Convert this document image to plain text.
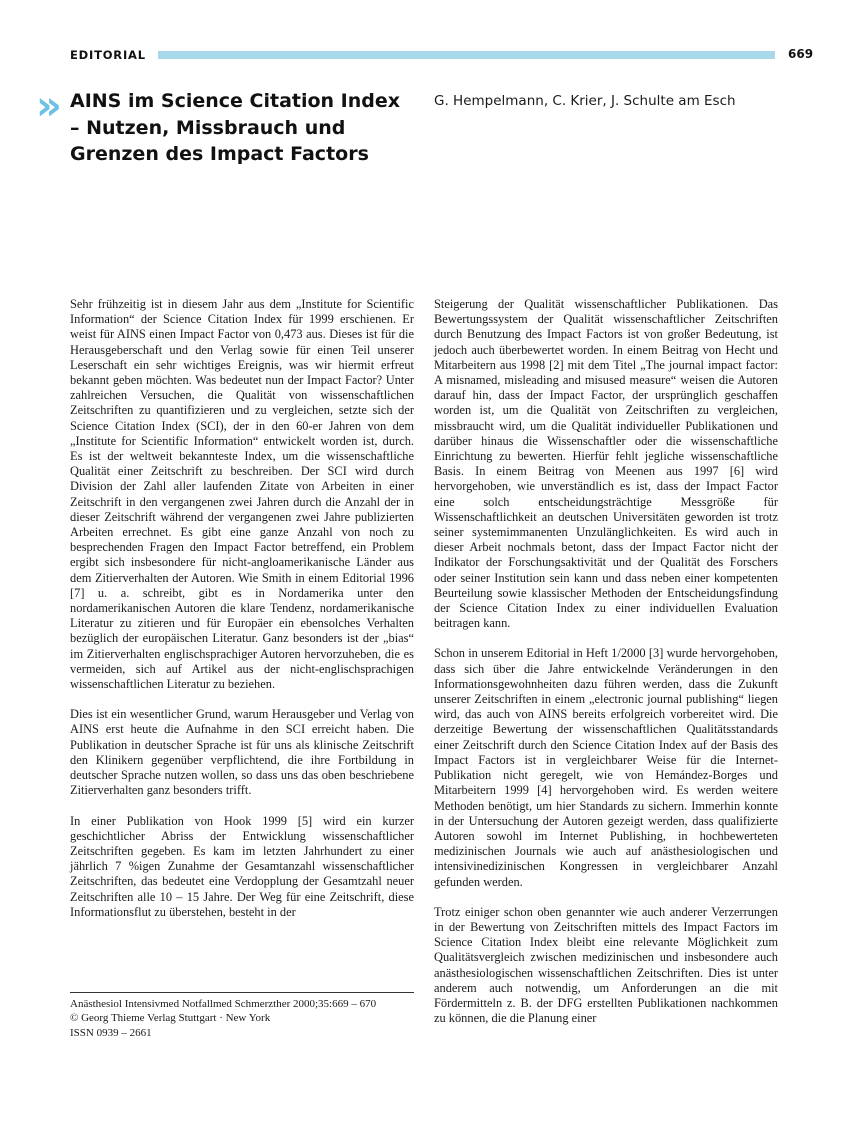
EDITORIAL	669
» AINS im Science Citation Index – Nutzen, Missbrauch und Grenzen des Impact Factors
G. Hempelmann, C. Krier, J. Schulte am Esch

Sehr frühzeitig ist in diesem Jahr aus dem „Institute for Scientific Information“ der Science Citation Index für 1999 erschienen. Er weist für AINS einen Impact Factor von 0,473 aus. Dieses ist für die Herausgeberschaft und den Verlag sowie für einen Teil unserer Leserschaft ein sehr wichtiges Ereignis, was wir hiermit erfreut bekannt geben möchten. Was bedeutet nun der Impact Factor? Unter zahlreichen Versuchen, die Qualität von wissenschaftlichen Zeitschriften zu quantifizieren und zu vergleichen, setzte sich der Science Citation Index (SCI), der in den 60-er Jahren von dem „Institute for Scientific Information“ entwickelt worden ist, durch. Es ist der weltweit bekannteste Index, um die wissenschaftliche Qualität einer Zeitschrift zu beschreiben. Der SCI wird durch Division der Zahl aller laufenden Zitate von Arbeiten in einer Zeitschrift in den vergangenen zwei Jahren durch die Anzahl der in dieser Zeitschrift während der vergangenen zwei Jahre publizierten Arbeiten errechnet. Es gibt eine ganze Anzahl von noch zu besprechenden Fragen den Impact Factor betreffend, ein Problem ergibt sich insbesondere für nicht-angloamerikanische Länder aus dem Zitierverhalten der Autoren. Wie Smith in einem Editorial 1996 [7] u. a. schreibt, gibt es in Nordamerika unter den nordamerikanischen Autoren die klare Tendenz, nordamerikanische Literatur zu zitieren und für Europäer ein ebensolches Verhalten bezüglich der europäischen Literatur. Ganz besonders ist der „bias“ im Zitierverhalten englischsprachiger Autoren hervorzuheben, die es vermeiden, sich auf Artikel aus der nicht-englischsprachigen wissenschaftlichen Literatur zu beziehen.

Dies ist ein wesentlicher Grund, warum Herausgeber und Verlag von AINS erst heute die Aufnahme in den SCI erreicht haben. Die Publikation in deutscher Sprache ist für uns als klinische Zeitschrift den Klinikern gegenüber verpflichtend, die ihre Fortbildung in deutscher Sprache nutzen wollen, so dass uns das oben beschriebene Zitierverhalten ganz besonders trifft.

In einer Publikation von Hook 1999 [5] wird ein kurzer geschichtlicher Abriss der Entwicklung wissenschaftlicher Zeitschriften gegeben. Es kam im letzten Jahrhundert zu einer jährlich 7 %igen Zunahme der Gesamtanzahl wissenschaftlicher Zeitschriften, das bedeutet eine Verdopplung der Gesamtzahl neuer Zeitschriften alle 10 – 15 Jahre. Der Weg für eine Zeitschrift, diese Informationsflut zu überstehen, besteht in der

Steigerung der Qualität wissenschaftlicher Publikationen. Das Bewertungssystem der Qualität wissenschaftlicher Zeitschriften durch Benutzung des Impact Factors ist von großer Bedeutung, ist jedoch auch überbewertet worden. In einem Beitrag von Hecht und Mitarbeitern aus 1998 [2] mit dem Titel „The journal impact factor: A misnamed, misleading and misused measure“ weisen die Autoren darauf hin, dass der Impact Factor, der ursprünglich geschaffen worden ist, um die Qualität von Zeitschriften zu vergleichen, missbraucht wird, um die Qualität individueller Publikationen und darüber hinaus die Wissenschaftler oder die wissenschaftliche Einrichtung zu bewerten. Hierfür fehlt jegliche wissenschaftliche Basis. In einem Beitrag von Meenen aus 1997 [6] wird hervorgehoben, wie unverständlich es ist, dass der Impact Factor eine solch entscheidungsträchtige Messgröße für Wissenschaftlichkeit an deutschen Universitäten geworden ist trotz seiner systemimmanenten Unzulänglichkeiten. Es wird auch in dieser Arbeit nochmals betont, dass der Impact Factor nicht der Indikator der Forschungsaktivität und der Qualität des Forschers oder seiner Institution sein kann und dass neben einer kompetenten Beurteilung sowie klassischer Methoden der Entscheidungsfindung der Science Citation Index zu einer individuellen Evaluation beitragen kann.

Schon in unserem Editorial in Heft 1/2000 [3] wurde hervorgehoben, dass sich über die Jahre entwickelnde Veränderungen in den Informationsgewohnheiten dazu führen werden, dass die Zukunft unserer Zeitschriften in einem „electronic journal publishing“ liegen wird, das auch von AINS bereits erfolgreich vorbereitet wird. Die derzeitige Bewertung der wissenschaftlichen Qualitätsstandards einer Zeitschrift durch den Science Citation Index auf der Basis des Impact Factors ist in vergleichbarer Weise für die Internet-Publikation nicht geregelt, wie von Hemández-Borges und Mitarbeitern 1999 [4] hervorgehoben wird. Es werden weitere Methoden benötigt, um hier Standards zu sichern. Immerhin konnte in der Untersuchung der Autoren gezeigt werden, dass qualifizierte Autoren sowohl im Internet Publishing, in hochbewerteten medizinischen Journals wie auch auf anästhesiologischen und intensivinedizinischen Kongressen in vergleichbarer Anzahl gefunden werden.

Trotz einiger schon oben genannter wie auch anderer Verzerrungen in der Bewertung von Zeitschriften mittels des Impact Factors im Science Citation Index bleibt eine relevante Möglichkeit zum Qualitätsvergleich zwischen medizinischen und insbesondere auch anästhesiologischen wissenschaftlichen Zeitschriften. Dies ist unter anderem auch notwendig, um Anforderungen an die mit Fördermitteln z. B. der DFG erstellten Publikationen nachkommen zu können, die die Planung einer

Anästhesiol Intensivmed Notfallmed Schmerzther 2000;35:669 – 670
© Georg Thieme Verlag Stuttgart · New York
ISSN 0939 – 2661
